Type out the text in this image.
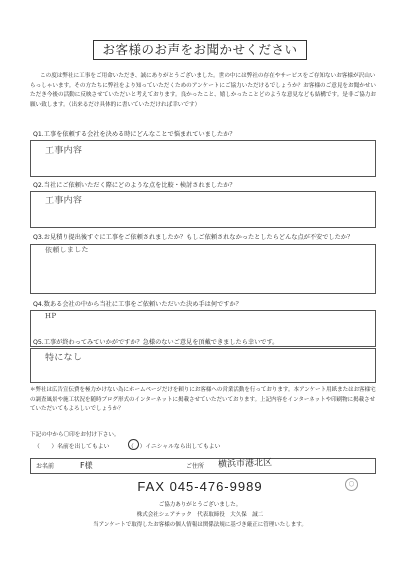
お客様のお声をお聞かせください

この度は弊社に工事をご用命いただき、誠にありがとうございました。世の中には弊社の存在やサービスをご存知ないお客様が沢山いらっしゃいます。その方たちに弊社をより知っていただくためのアンケートにご協力いただけるでしょうか？お客様のご意見をお聞かせいただき今後の活動に反映させていただいと考えております。良かったこと、嬉しかったことどのような意見なども結構です。是非ご協力お願い致します。（出来るだけ具体的に書いていただければ幸いです）

Q1.工事を依頼する会社を決める時にどんなことで悩まれていましたか？
工事内容
Q2.当社にご依頼いただく際にどのような点を比較・検討されましたか？
工事内容
Q3.お見積り提出後すぐに工事をご依頼されましたか？もしご依頼されなかったとしたらどんな点が不安でしたか？
依頼しました
Q4.数ある会社の中から当社に工事をご依頼いただいた決め手は何ですか？
HP
Q5.工事が終わってみていかがですか？急様のないご意見を頂戴できましたら幸いです。
特になし

＊弊社は広告宣伝費を極力かけない為にホームページだけを頼りにお客様への営業活動を行っております。本アンケート用紙またはお客様宅の調査風景や施工状況を随時ブログ形式のインターネットに掲載させていただいております。上記内容をインターネットや印刷物に掲載させていただいてもよろしいでしょうか？

下記の中から〇印をお付け下さい。
（　　）名前を出してもよい	（　）イニシャルなら出してもよい
お名前	F様	ご住所 横浜市港北区
FAX 045-476-9989	◯
ご協力ありがとうございました。
株式会社シェアテック　代表取締役　大久保　誠二
当アンケートで取得したお客様の個人情報は関係法規に基づき厳正に管理いたします。
